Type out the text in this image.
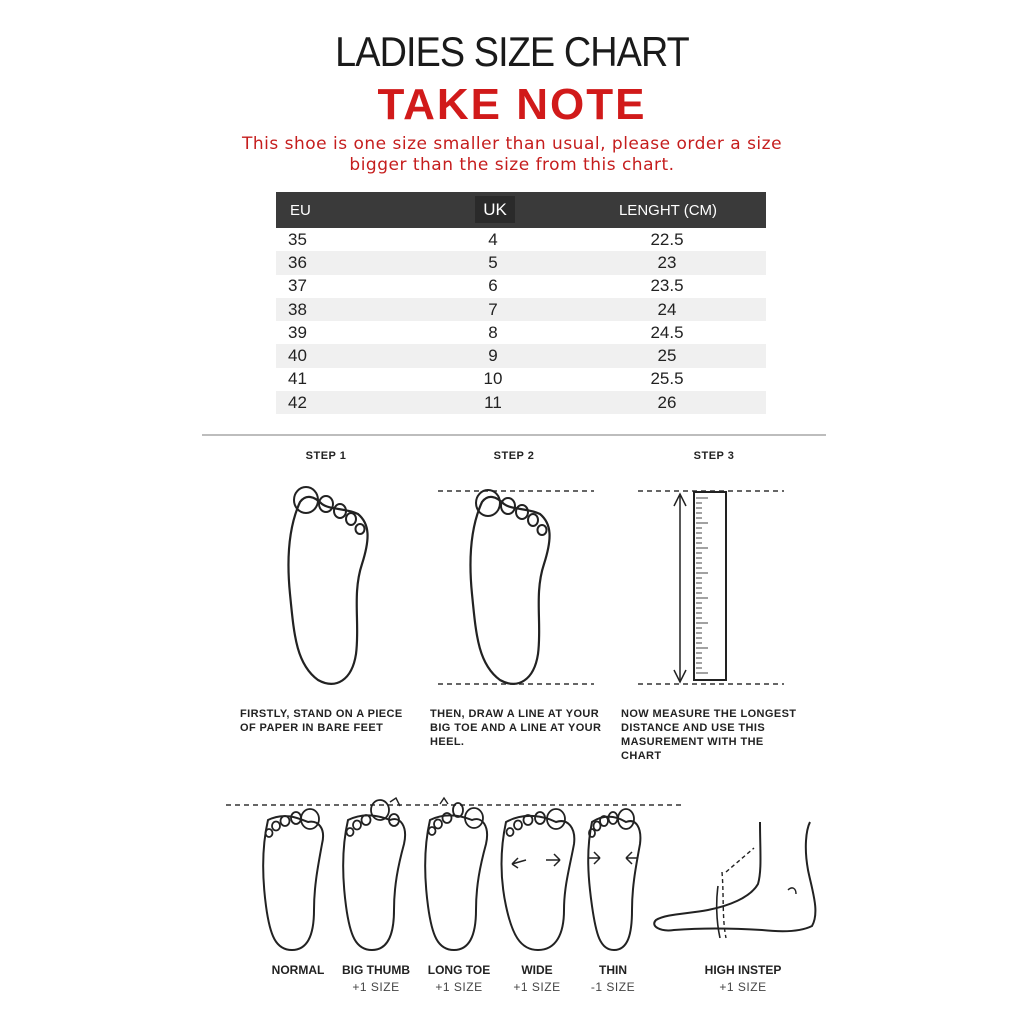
LADIES SIZE CHART
TAKE NOTE
This shoe is one size smaller than usual, please order a size
bigger than the size from this chart.
EU	UK	LENGHT (CM)
35	4	22.5
36	5	23
37	6	23.5
38	7	24
39	8	24.5
40	9	25
41	10	25.5
42	11	26
STEP 1	STEP 2	STEP 3
FIRSTLY, STAND ON A PIECE
OF PAPER IN BARE FEET
THEN, DRAW A LINE AT YOUR
BIG TOE AND A LINE AT YOUR
HEEL.
NOW MEASURE THE LONGEST
DISTANCE AND USE THIS
MASUREMENT WITH THE
CHART
NORMAL	BIG THUMB	LONG TOE	WIDE	THIN	HIGH INSTEP
+1 SIZE	+1 SIZE	+1 SIZE	-1 SIZE	+1 SIZE
